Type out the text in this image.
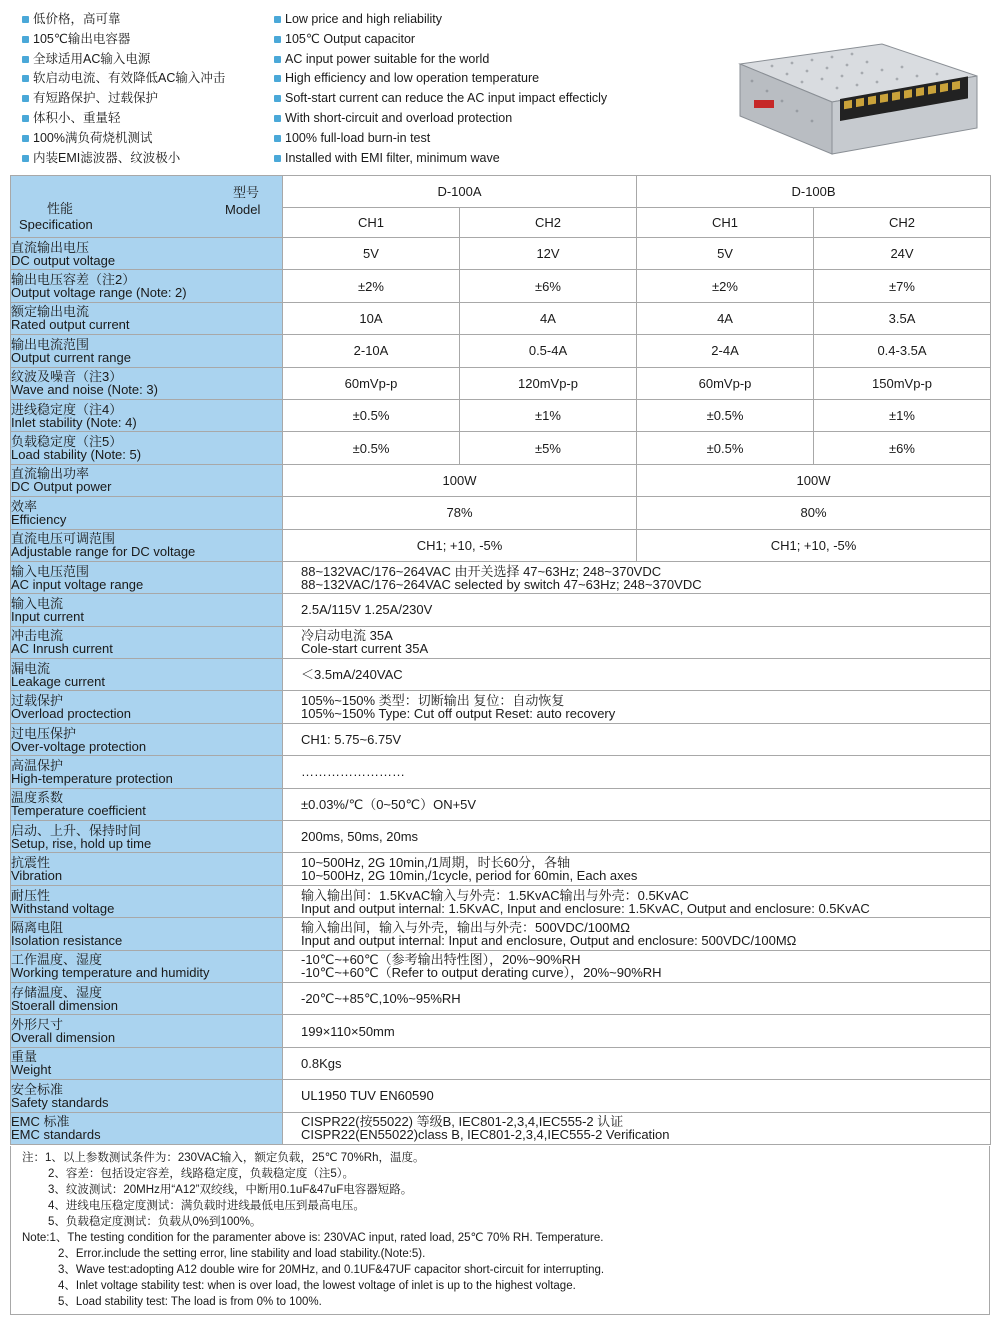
低价格，高可靠
105℃输出电容器
全球适用AC输入电源
软启动电流、有效降低AC输入冲击
有短路保护、过载保护
体积小、重量轻
100%满负荷烧机测试
内装EMI滤波器、纹波极小
Low price and high reliability
105℃ Output capacitor
AC input power suitable for the world
High efficiency and low operation temperature
Soft-start current can reduce the AC input impact effecticly
With short-circuit and overload protection
100% full-load burn-in test
Installed with EMI filter, minimum wave
型号
Model
性能
Specification	D-100A		D-100B	
	CH1	CH2	CH1	CH2

直流输出电压
DC output voltage	5V	12V	5V	24V

输出电压容差（注2）
Output voltage range (Note: 2)	±2%	±6%	±2%	±7%

额定输出电流
Rated output current	10A	4A	4A	3.5A

输出电流范围
Output current range	2-10A	0.5-4A	2-4A	0.4-3.5A

纹波及噪音（注3）
Wave and noise (Note: 3)	60mVp-p	120mVp-p	60mVp-p	150mVp-p

进线稳定度（注4）
Inlet stability (Note: 4)	±0.5%	±1%	±0.5%	±1%

负载稳定度（注5）
Load stability (Note: 5)	±0.5%	±5%	±0.5%	±6%

直流输出功率
DC Output power	100W		100W	

效率
Efficiency	78%		80%	

直流电压可调范围
Adjustable range for DC voltage	CH1; +10, -5%		CH1; +10, -5%	

输入电压范围
AC input voltage range	88~132VAC/176~264VAC 由开关选择 47~63Hz; 248~370VDC
88~132VAC/176~264VAC selected by switch 47~63Hz; 248~370VDC			

输入电流
Input current	2.5A/115V 1.25A/230V			

冲击电流
AC Inrush current	冷启动电流 35A
Cole-start current 35A			

漏电流
Leakage current	＜3.5mA/240VAC			

过载保护
Overload proctection	105%~150% 类型：切断输出 复位：自动恢复
105%~150% Type: Cut off output Reset: auto recovery			

过电压保护
Over-voltage protection	CH1: 5.75~6.75V			

高温保护
High-temperature protection	……………………			

温度系数
Temperature coefficient	±0.03%/℃（0~50℃）ON+5V			

启动、上升、保持时间
Setup, rise, hold up time	200ms, 50ms, 20ms			

抗震性
Vibration	10~500Hz, 2G 10min,/1周期，时长60分，各轴
10~500Hz, 2G 10min,/1cycle, period for 60min, Each axes			

耐压性
Withstand voltage	输入输出间：1.5KvAC输入与外壳：1.5KvAC输出与外壳：0.5KvAC
Input and output internal: 1.5KvAC, Input and enclosure: 1.5KvAC, Output and enclosure: 0.5KvAC			

隔离电阻
Isolation resistance	输入输出间，输入与外壳，输出与外壳：500VDC/100MΩ
Input and output internal: Input and enclosure, Output and enclosure: 500VDC/100MΩ			

工作温度、湿度
Working temperature and humidity	-10℃~+60℃（参考输出特性图），20%~90%RH
-10℃~+60℃（Refer to output derating curve），20%~90%RH			

存储温度、湿度
Stoerall dimension	-20℃~+85℃,10%~95%RH			

外形尺寸
Overall dimension	199×110×50mm			

重量
Weight	0.8Kgs			

安全标准
Safety standards	UL1950 TUV EN60590			

EMC 标准
EMC standards	CISPR22(按55022) 等级B, IEC801-2,3,4,IEC555-2 认证
CISPR22(EN55022)class B, IEC801-2,3,4,IEC555-2 Verification			
注：1、以上参数测试条件为：230VAC输入，额定负载，25℃ 70%Rh，温度。
2、容差：包括设定容差，线路稳定度，负载稳定度（注5）。
3、纹波测试：20MHz用“A12”双绞线，中断用0.1uF&47uF电容器短路。
4、进线电压稳定度测试：满负载时进线最低电压到最高电压。
5、负载稳定度测试：负载从0%到100%。
Note:1、The testing condition for the paramenter above is: 230VAC input, rated load, 25℃ 70% RH. Temperature.
2、Error.include the setting error, line stability and load stability.(Note:5).
3、Wave test:adopting A12 double wire for 20MHz, and 0.1UF&47UF capacitor short-circuit for interrupting.
4、Inlet voltage stability test: when is over load, the lowest voltage of inlet is up to the highest voltage.
5、Load stability test: The load is from 0% to 100%.
